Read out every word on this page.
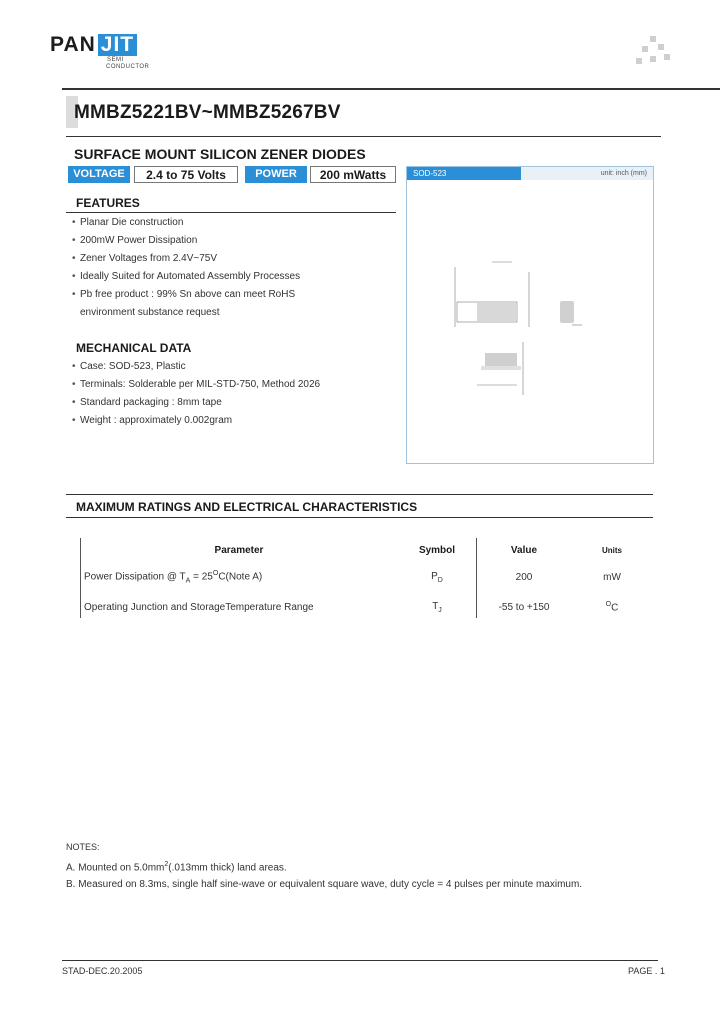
PAN JIT
SEMI
CONDUCTOR
MMBZ5221BV~MMBZ5267BV
SURFACE MOUNT SILICON ZENER DIODES
VOLTAGE	2.4 to 75 Volts	POWER	200 mWatts
FEATURES
• Planar Die construction
• 200mW Power Dissipation
• Zener Voltages from 2.4V~75V
• Ideally Suited for Automated Assembly Processes
• Pb free product : 99% Sn above can meet RoHS
environment substance request
MECHANICAL DATA
• Case: SOD-523, Plastic
• Terminals: Solderable per MIL-STD-750, Method 2026
• Standard packaging : 8mm tape
• Weight : approximately 0.002gram
SOD-523	unit: inch (mm)
MAXIMUM RATINGS AND ELECTRICAL CHARACTERISTICS
Parameter	Symbol	Value	Units
Power Dissipation @ $T_A$ = $25^OC(Note$ A)	$P_D$	200	mW
Operating Junction and StorageTemperature Range	$T_J$	-55 to +150	$^O$C
NOTES:
A. Mounted on $5.0mm^2(.013mm$ thick) land areas.
B. Measured on 8.3ms, single half sine-wave or equivalent square wave, duty cycle = 4 pulses per minute maximum.
STAD-DEC.20.2005	PAGE . 1
